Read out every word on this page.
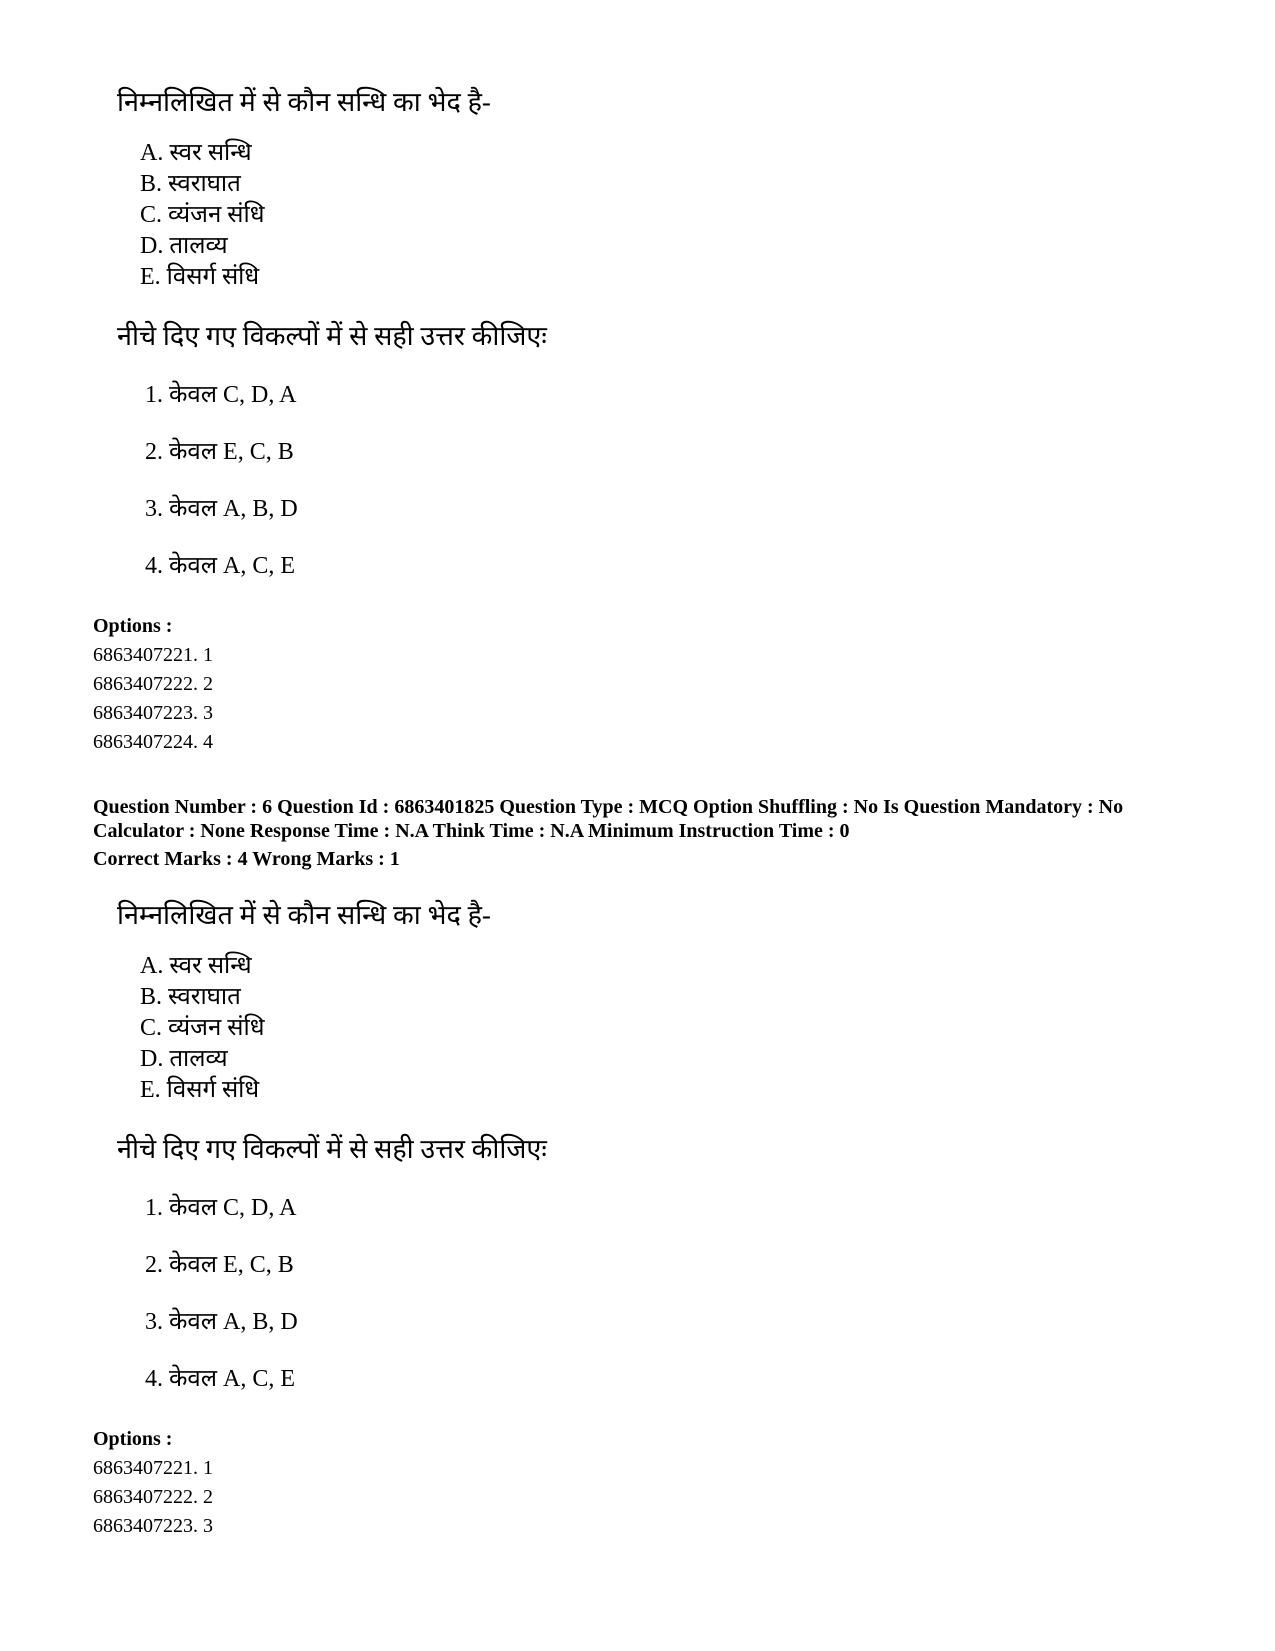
निम्नलिखित में से कौन सन्धि का भेद है-
A. स्वर सन्धि
B. स्वराघात
C. व्यंजन संधि
D. तालव्य
E. विसर्ग संधि
नीचे दिए गए विकल्पों में से सही उत्तर कीजिएः
1. केवल C, D, A
2. केवल E, C, B
3. केवल A, B, D
4. केवल A, C, E
Options :
6863407221. 1
6863407222. 2
6863407223. 3
6863407224. 4
Question Number : 6 Question Id : 6863401825 Question Type : MCQ Option Shuffling : No Is Question Mandatory : No
Calculator : None Response Time : N.A Think Time : N.A Minimum Instruction Time : 0
Correct Marks : 4 Wrong Marks : 1
निम्नलिखित में से कौन सन्धि का भेद है-
A. स्वर सन्धि
B. स्वराघात
C. व्यंजन संधि
D. तालव्य
E. विसर्ग संधि
नीचे दिए गए विकल्पों में से सही उत्तर कीजिएः
1. केवल C, D, A
2. केवल E, C, B
3. केवल A, B, D
4. केवल A, C, E
Options :
6863407221. 1
6863407222. 2
6863407223. 3
